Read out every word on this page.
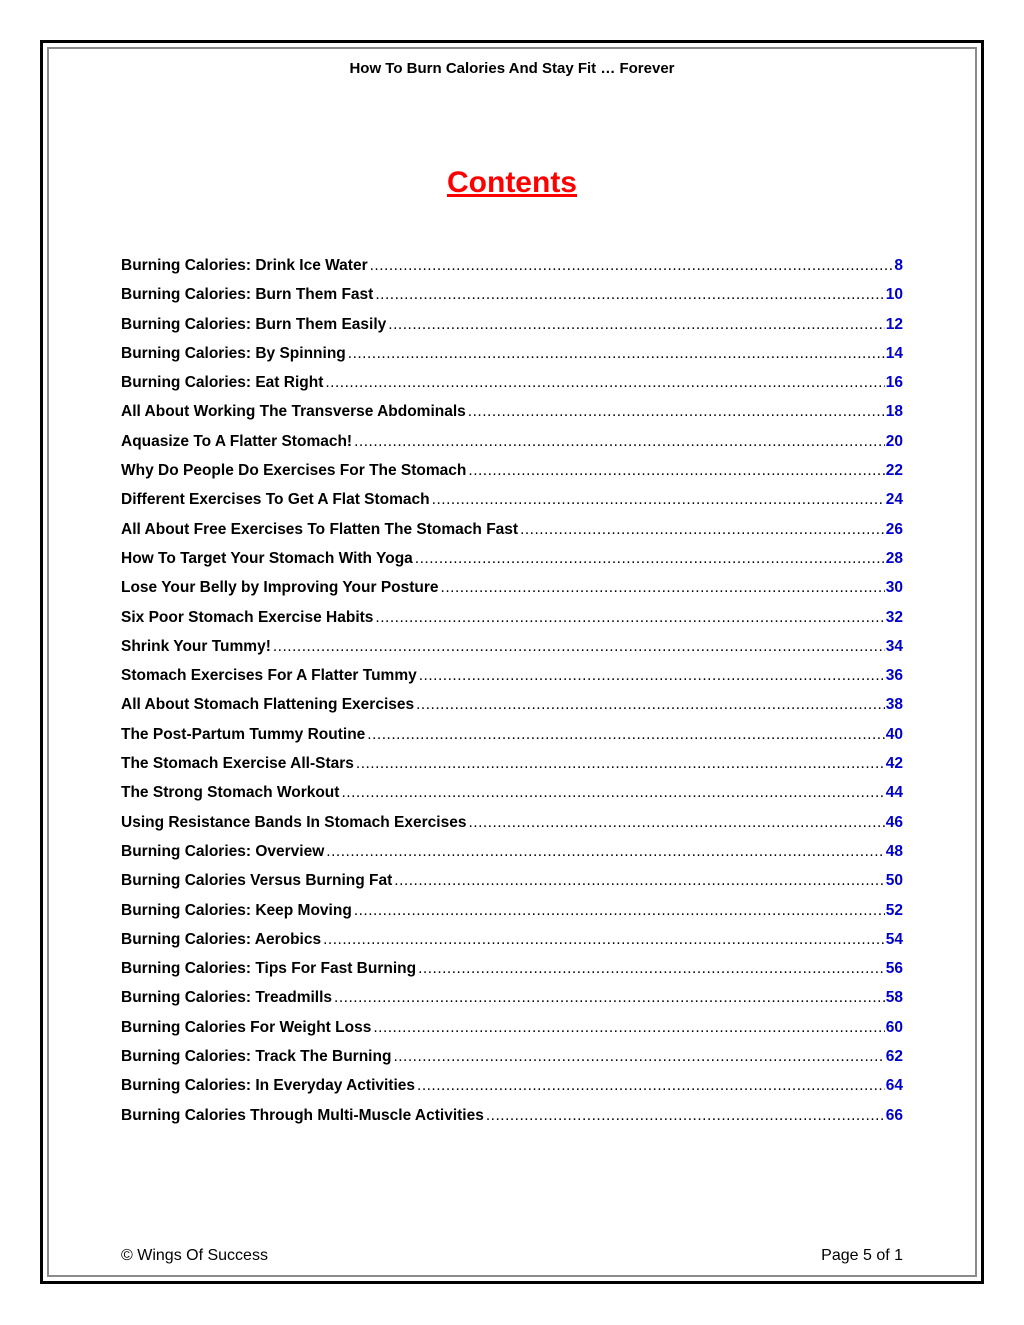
How To Burn Calories And Stay Fit … Forever
Contents
Burning Calories: Drink Ice Water .....	8
Burning Calories: Burn Them Fast .....	10
Burning Calories: Burn Them Easily .....	12
Burning Calories: By Spinning .....	14
Burning Calories: Eat Right .....	16
All About Working The Transverse Abdominals .....	18
Aquasize To A Flatter Stomach! .....	20
Why Do People Do Exercises For The Stomach .....	22
Different Exercises To Get A Flat Stomach .....	24
All About Free Exercises To Flatten The Stomach Fast .....	26
How To Target Your Stomach With Yoga .....	28
Lose Your Belly by Improving Your Posture .....	30
Six Poor Stomach Exercise Habits .....	32
Shrink Your Tummy! .....	34
Stomach Exercises For A Flatter Tummy .....	36
All About Stomach Flattening Exercises .....	38
The Post-Partum Tummy Routine .....	40
The Stomach Exercise All-Stars .....	42
The Strong Stomach Workout .....	44
Using Resistance Bands In Stomach Exercises .....	46
Burning Calories: Overview .....	48
Burning Calories Versus Burning Fat .....	50
Burning Calories: Keep Moving .....	52
Burning Calories: Aerobics .....	54
Burning Calories: Tips For Fast Burning .....	56
Burning Calories: Treadmills .....	58
Burning Calories For Weight Loss .....	60
Burning Calories: Track The Burning .....	62
Burning Calories: In Everyday Activities .....	64
Burning Calories Through Multi-Muscle Activities .....	66
© Wings Of Success	Page 5 of 1
